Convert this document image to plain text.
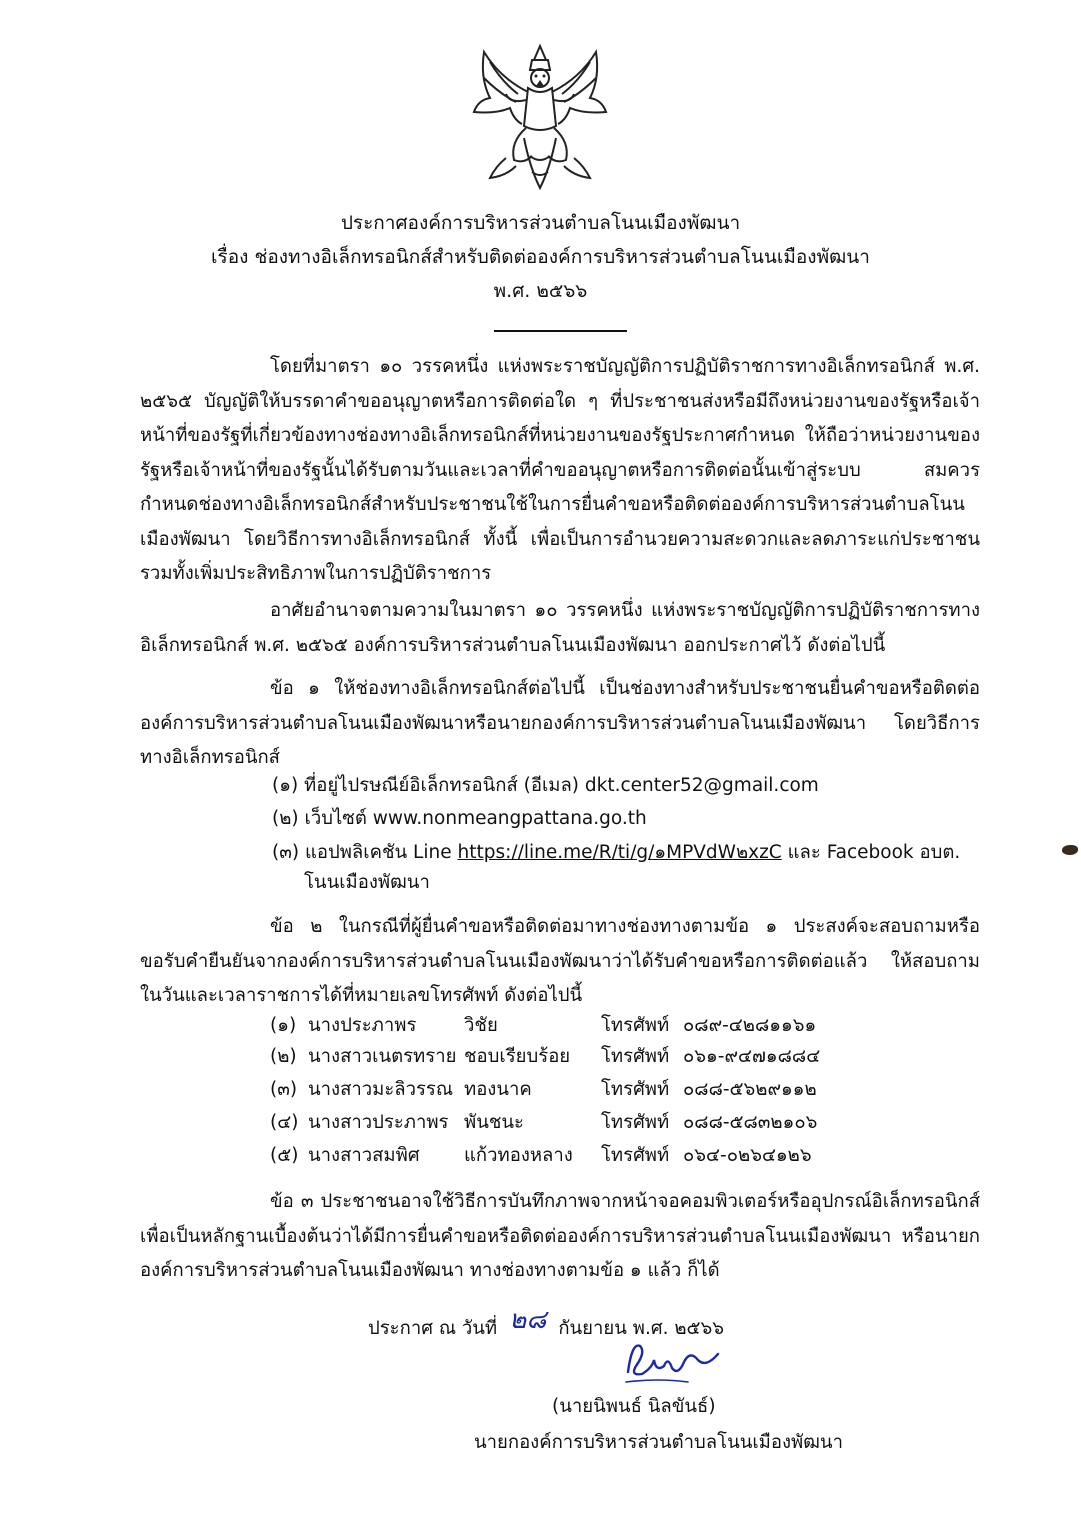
ประกาศองค์การบริหารส่วนตำบลโนนเมืองพัฒนา
เรื่อง ช่องทางอิเล็กทรอนิกส์สำหรับติดต่อองค์การบริหารส่วนตำบลโนนเมืองพัฒนา
พ.ศ. ๒๕๖๖
โดยที่มาตรา ๑๐ วรรคหนึ่ง แห่งพระราชบัญญัติการปฏิบัติราชการทางอิเล็กทรอนิกส์ พ.ศ. ๒๕๖๕ บัญญัติให้บรรดาคำขออนุญาตหรือการติดต่อใด ๆ ที่ประชาชนส่งหรือมีถึงหน่วยงานของรัฐหรือเจ้าหน้าที่ของรัฐที่เกี่ยวข้องทางช่องทางอิเล็กทรอนิกส์ที่หน่วยงานของรัฐประกาศกำหนด ให้ถือว่าหน่วยงานของรัฐหรือเจ้าหน้าที่ของรัฐนั้นได้รับตามวันและเวลาที่คำขออนุญาตหรือการติดต่อนั้นเข้าสู่ระบบ สมควรกำหนดช่องทางอิเล็กทรอนิกส์สำหรับประชาชนใช้ในการยื่นคำขอหรือติดต่อองค์การบริหารส่วนตำบลโนนเมืองพัฒนา โดยวิธีการทางอิเล็กทรอนิกส์ ทั้งนี้ เพื่อเป็นการอำนวยความสะดวกและลดภาระแก่ประชาชน รวมทั้งเพิ่มประสิทธิภาพในการปฏิบัติราชการ
อาศัยอำนาจตามความในมาตรา ๑๐ วรรคหนึ่ง แห่งพระราชบัญญัติการปฏิบัติราชการทางอิเล็กทรอนิกส์ พ.ศ. ๒๕๖๕ องค์การบริหารส่วนตำบลโนนเมืองพัฒนา ออกประกาศไว้ ดังต่อไปนี้
ข้อ ๑ ให้ช่องทางอิเล็กทรอนิกส์ต่อไปนี้ เป็นช่องทางสำหรับประชาชนยื่นคำขอหรือติดต่อองค์การบริหารส่วนตำบลโนนเมืองพัฒนาหรือนายกองค์การบริหารส่วนตำบลโนนเมืองพัฒนา โดยวิธีการทางอิเล็กทรอนิกส์
(๑) ที่อยู่ไปรษณีย์อิเล็กทรอนิกส์ (อีเมล) dkt.center52@gmail.com
(๒) เว็บไซต์ www.nonmeangpattana.go.th
(๓) แอปพลิเคชัน Line https://line.me/R/ti/g/๑MPVdW๒xzC และ Facebook อบต.
โนนเมืองพัฒนา
ข้อ ๒ ในกรณีที่ผู้ยื่นคำขอหรือติดต่อมาทางช่องทางตามข้อ ๑ ประสงค์จะสอบถามหรือขอรับคำยืนยันจากองค์การบริหารส่วนตำบลโนนเมืองพัฒนาว่าได้รับคำขอหรือการติดต่อแล้ว ให้สอบถามในวันและเวลาราชการได้ที่หมายเลขโทรศัพท์ ดังต่อไปนี้
(๑) นางประภาพร	วิชัย	โทรศัพท์ ๐๘๙-๔๒๘๑๑๖๑
(๒) นางสาวเนตรทราย ชอบเรียบร้อย โทรศัพท์ ๐๖๑-๙๔๗๑๘๘๔
(๓) นางสาวมะลิวรรณ ทองนาค	โทรศัพท์ ๐๘๘-๕๖๒๙๑๑๒
(๔) นางสาวประภาพร พันชนะ	โทรศัพท์ ๐๘๘-๕๘๓๒๑๐๖
(๕) นางสาวสมพิศ แก้วทองหลาง โทรศัพท์ ๐๖๔-๐๒๖๔๑๒๖
ข้อ ๓ ประชาชนอาจใช้วิธีการบันทึกภาพจากหน้าจอคอมพิวเตอร์หรืออุปกรณ์อิเล็กทรอนิกส์เพื่อเป็นหลักฐานเบื้องต้นว่าได้มีการยื่นคำขอหรือติดต่อองค์การบริหารส่วนตำบลโนนเมืองพัฒนา หรือนายกองค์การบริหารส่วนตำบลโนนเมืองพัฒนา ทางช่องทางตามข้อ ๑ แล้ว ก็ได้
ประกาศ ณ วันที่ ๒๘ กันยายน พ.ศ. ๒๕๖๖
(นายนิพนธ์ นิลขันธ์)
นายกองค์การบริหารส่วนตำบลโนนเมืองพัฒนา
